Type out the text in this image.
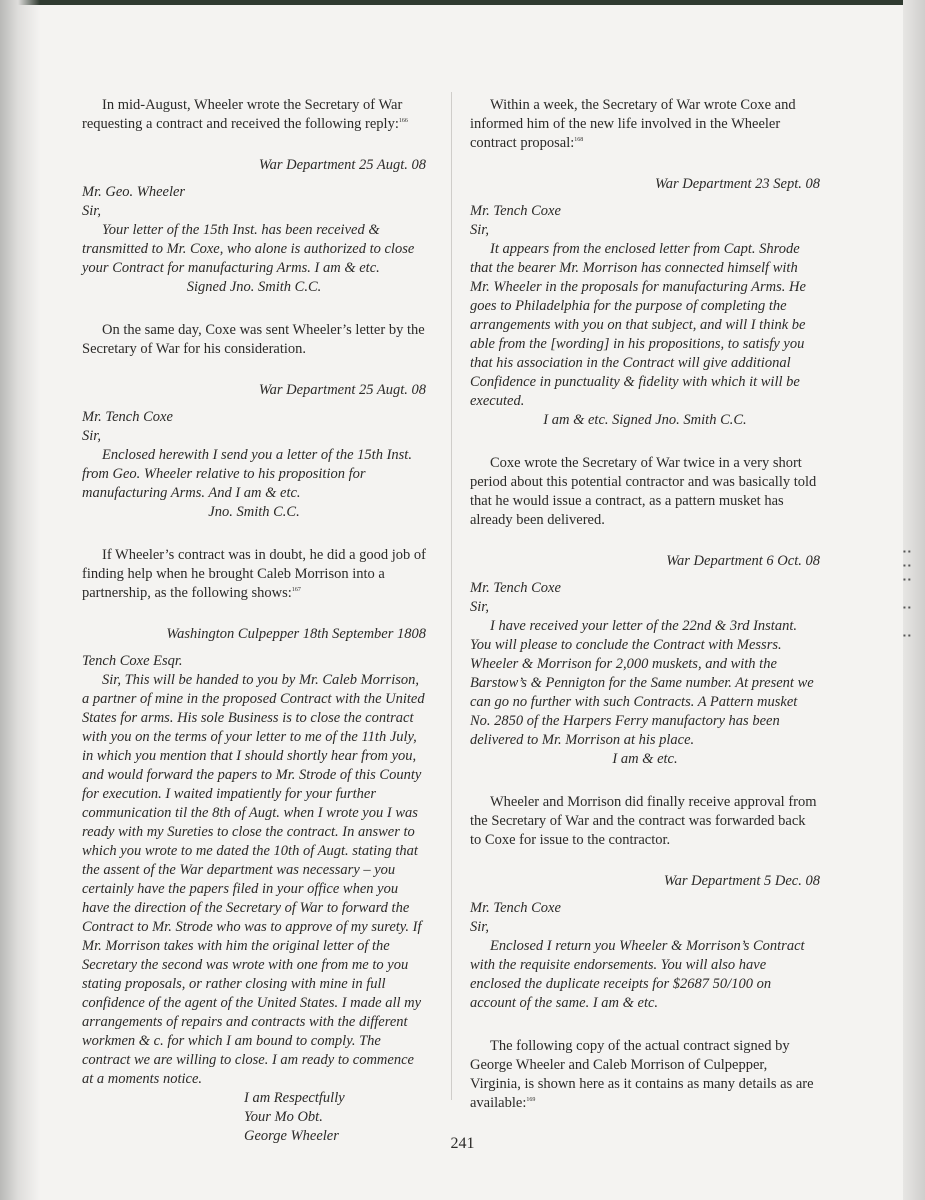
In mid-August, Wheeler wrote the Secretary of War requesting a contract and received the following reply:$^{166}$

War Department 25 Augt. 08

Mr. Geo. Wheeler

Sir,

Your letter of the 15th Inst. has been received & transmitted to Mr. Coxe, who alone is authorized to close your Contract for manufacturing Arms. I am & etc.

Signed Jno. Smith C.C.

On the same day, Coxe was sent Wheeler’s letter by the Secretary of War for his consideration.

War Department 25 Augt. 08

Mr. Tench Coxe

Sir,

Enclosed herewith I send you a letter of the 15th Inst. from Geo. Wheeler relative to his proposition for manufacturing Arms. And I am & etc.

Jno. Smith C.C.

If Wheeler’s contract was in doubt, he did a good job of finding help when he brought Caleb Morrison into a partnership, as the following shows:$^{167}$

Washington Culpepper 18th September 1808

Tench Coxe Esqr.

Sir, This will be handed to you by Mr. Caleb Morrison, a partner of mine in the proposed Contract with the United States for arms. His sole Business is to close the contract with you on the terms of your letter to me of the 11th July, in which you mention that I should shortly hear from you, and would forward the papers to Mr. Strode of this County for execution. I waited impatiently for your further communication til the 8th of Augt. when I wrote you I was ready with my Sureties to close the contract. In answer to which you wrote to me dated the 10th of Augt. stating that the assent of the War department was necessary – you certainly have the papers filed in your office when you have the direction of the Secretary of War to forward the Contract to Mr. Strode who was to approve of my surety. If Mr. Morrison takes with him the original letter of the Secretary the second was wrote with one from me to you stating proposals, or rather closing with mine in full confidence of the agent of the United States. I made all my arrangements of repairs and contracts with the different workmen & c. for which I am bound to comply. The contract we are willing to close. I am ready to commence at a moments notice.

I am Respectfully

Your Mo Obt.

George Wheeler

Within a week, the Secretary of War wrote Coxe and informed him of the new life involved in the Wheeler contract proposal:$^{168}$

War Department 23 Sept. 08

Mr. Tench Coxe

Sir,

It appears from the enclosed letter from Capt. Shrode that the bearer Mr. Morrison has connected himself with Mr. Wheeler in the proposals for manufacturing Arms. He goes to Philadelphia for the purpose of completing the arrangements with you on that subject, and will I think be able from the [wording] in his propositions, to satisfy you that his association in the Contract will give additional Confidence in punctuality & fidelity with which it will be executed.

I am & etc. Signed Jno. Smith C.C.

Coxe wrote the Secretary of War twice in a very short period about this potential contractor and was basically told that he would issue a contract, as a pattern musket has already been delivered.

War Department 6 Oct. 08

Mr. Tench Coxe

Sir,

I have received your letter of the 22nd & 3rd Instant. You will please to conclude the Contract with Messrs. Wheeler & Morrison for 2,000 muskets, and with the Barstow’s & Pennigton for the Same number. At present we can go no further with such Contracts. A Pattern musket No. 2850 of the Harpers Ferry manufactory has been delivered to Mr. Morrison at his place.

I am & etc.

Wheeler and Morrison did finally receive approval from the Secretary of War and the contract was forwarded back to Coxe for issue to the contractor.

War Department 5 Dec. 08

Mr. Tench Coxe

Sir,

Enclosed I return you Wheeler & Morrison’s Contract with the requisite endorsements. You will also have enclosed the duplicate receipts for $2687 50/100 on account of the same. I am & etc.

The following copy of the actual contract signed by George Wheeler and Caleb Morrison of Culpepper, Virginia, is shown here as it contains as many details as are available:$^{169}$

▪ ▪
▪ ▪
▪ ▪

▪ ▪

▪ ▪
241
